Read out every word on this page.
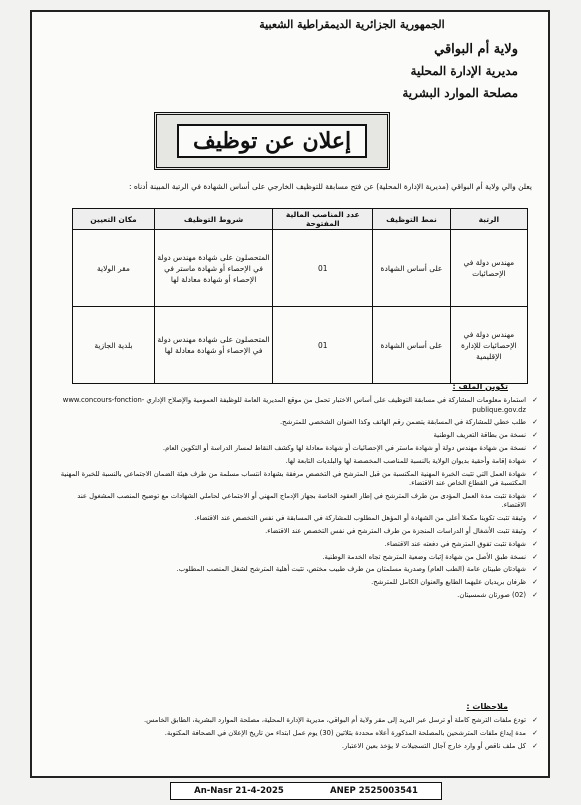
الجمهورية الجزائرية الديمقراطية الشعبية
ولاية أم البواقي
مديرية الإدارة المحلية
مصلحة الموارد البشرية
إعلان عن توظيف
يعلن والي ولاية أم البواقي (مديرية الإدارة المحلية) عن فتح مسابقة للتوظيف الخارجي على أساس الشهادة في الرتبة المبينة أدناه :
الرتبة	نمط التوظيف	عدد المناصب المالية المفتوحة	شروط التوظيف	مكان التعيين
مهندس دولة في الإحصائيات	على أساس الشهادة	01	المتحصلون على شهادة مهندس دولة في الإحصاء أو شهادة ماستر في الإحصاء أو شهادة معادلة لها	مقر الولاية
مهندس دولة في الإحصائيات للإدارة الإقليمية	على أساس الشهادة	01	المتحصلون على شهادة مهندس دولة في الإحصاء أو شهادة معادلة لها	بلدية الجازية
تكوين الملف :
✓ استمارة معلومات المشاركة في مسابقة التوظيف على أساس الاختبار تحمل من موقع المديرية العامة للوظيفة العمومية والإصلاح الإداري www.concours-fonction-publique.gov.dz
✓ طلب خطي للمشاركة في المسابقة يتضمن رقم الهاتف وكذا العنوان الشخصي للمترشح.
✓ نسخة من بطاقة التعريف الوطنية
✓ نسخة من شهادة مهندس دولة أو شهادة ماستر في الإحصائيات أو شهادة معادلة لها وكشف النقاط لمسار الدراسة أو التكوين العام.
✓ شهادة إقامة وأحقية بديوان الولاية بالنسبة للمناصب المخصصة لها والبلديات التابعة لها.
✓ شهادة العمل التي تثبت الخبرة المهنية المكتسبة من قبل المترشح في التخصص مرفقة بشهادة انتساب مسلمة من طرف هيئة الضمان الاجتماعي بالنسبة للخبرة المهنية المكتسبة في القطاع الخاص عند الاقتضاء.
✓ شهادة تثبت مدة العمل المؤدى من طرف المترشح في إطار العقود الخاصة بجهاز الإدماج المهني أو الاجتماعي لحاملي الشهادات مع توضيح المنصب المشغول عند الاقتضاء.
✓ وثيقة تثبت تكوينا مكملا أعلى من الشهادة أو المؤهل المطلوب للمشاركة في المسابقة في نفس التخصص عند الاقتضاء.
✓ وثيقة تثبت الأشغال أو الدراسات المنجزة من طرف المترشح في نفس التخصص عند الاقتضاء.
✓ شهادة تثبت تفوق المترشح في دفعته عند الاقتضاء.
✓ نسخة طبق الأصل من شهادة إثبات وضعية المترشح تجاه الخدمة الوطنية.
✓ شهادتان طبيتان عامة (الطب العام) وصدرية مسلمتان من طرف طبيب مختص، تثبت أهلية المترشح لشغل المنصب المطلوب.
✓ ظرفان بريديان عليهما الطابع والعنوان الكامل للمترشح.
✓ (02) صورتان شمسيتان.
ملاحظات :
✓ تودع ملفات الترشح كاملة أو ترسل عبر البريد إلى مقر ولاية أم البواقي، مديرية الإدارة المحلية، مصلحة الموارد البشرية، الطابق الخامس.
✓ مدة إيداع ملفات المترشحين بالمصلحة المذكورة أعلاه محددة بثلاثين (30) يوم عمل ابتداء من تاريخ الإعلان في الصحافة المكتوبة.
✓ كل ملف ناقص أو وارد خارج آجال التسجيلات لا يؤخذ بعين الاعتبار.
An-Nasr 21-4-2025	ANEP 2525003541
